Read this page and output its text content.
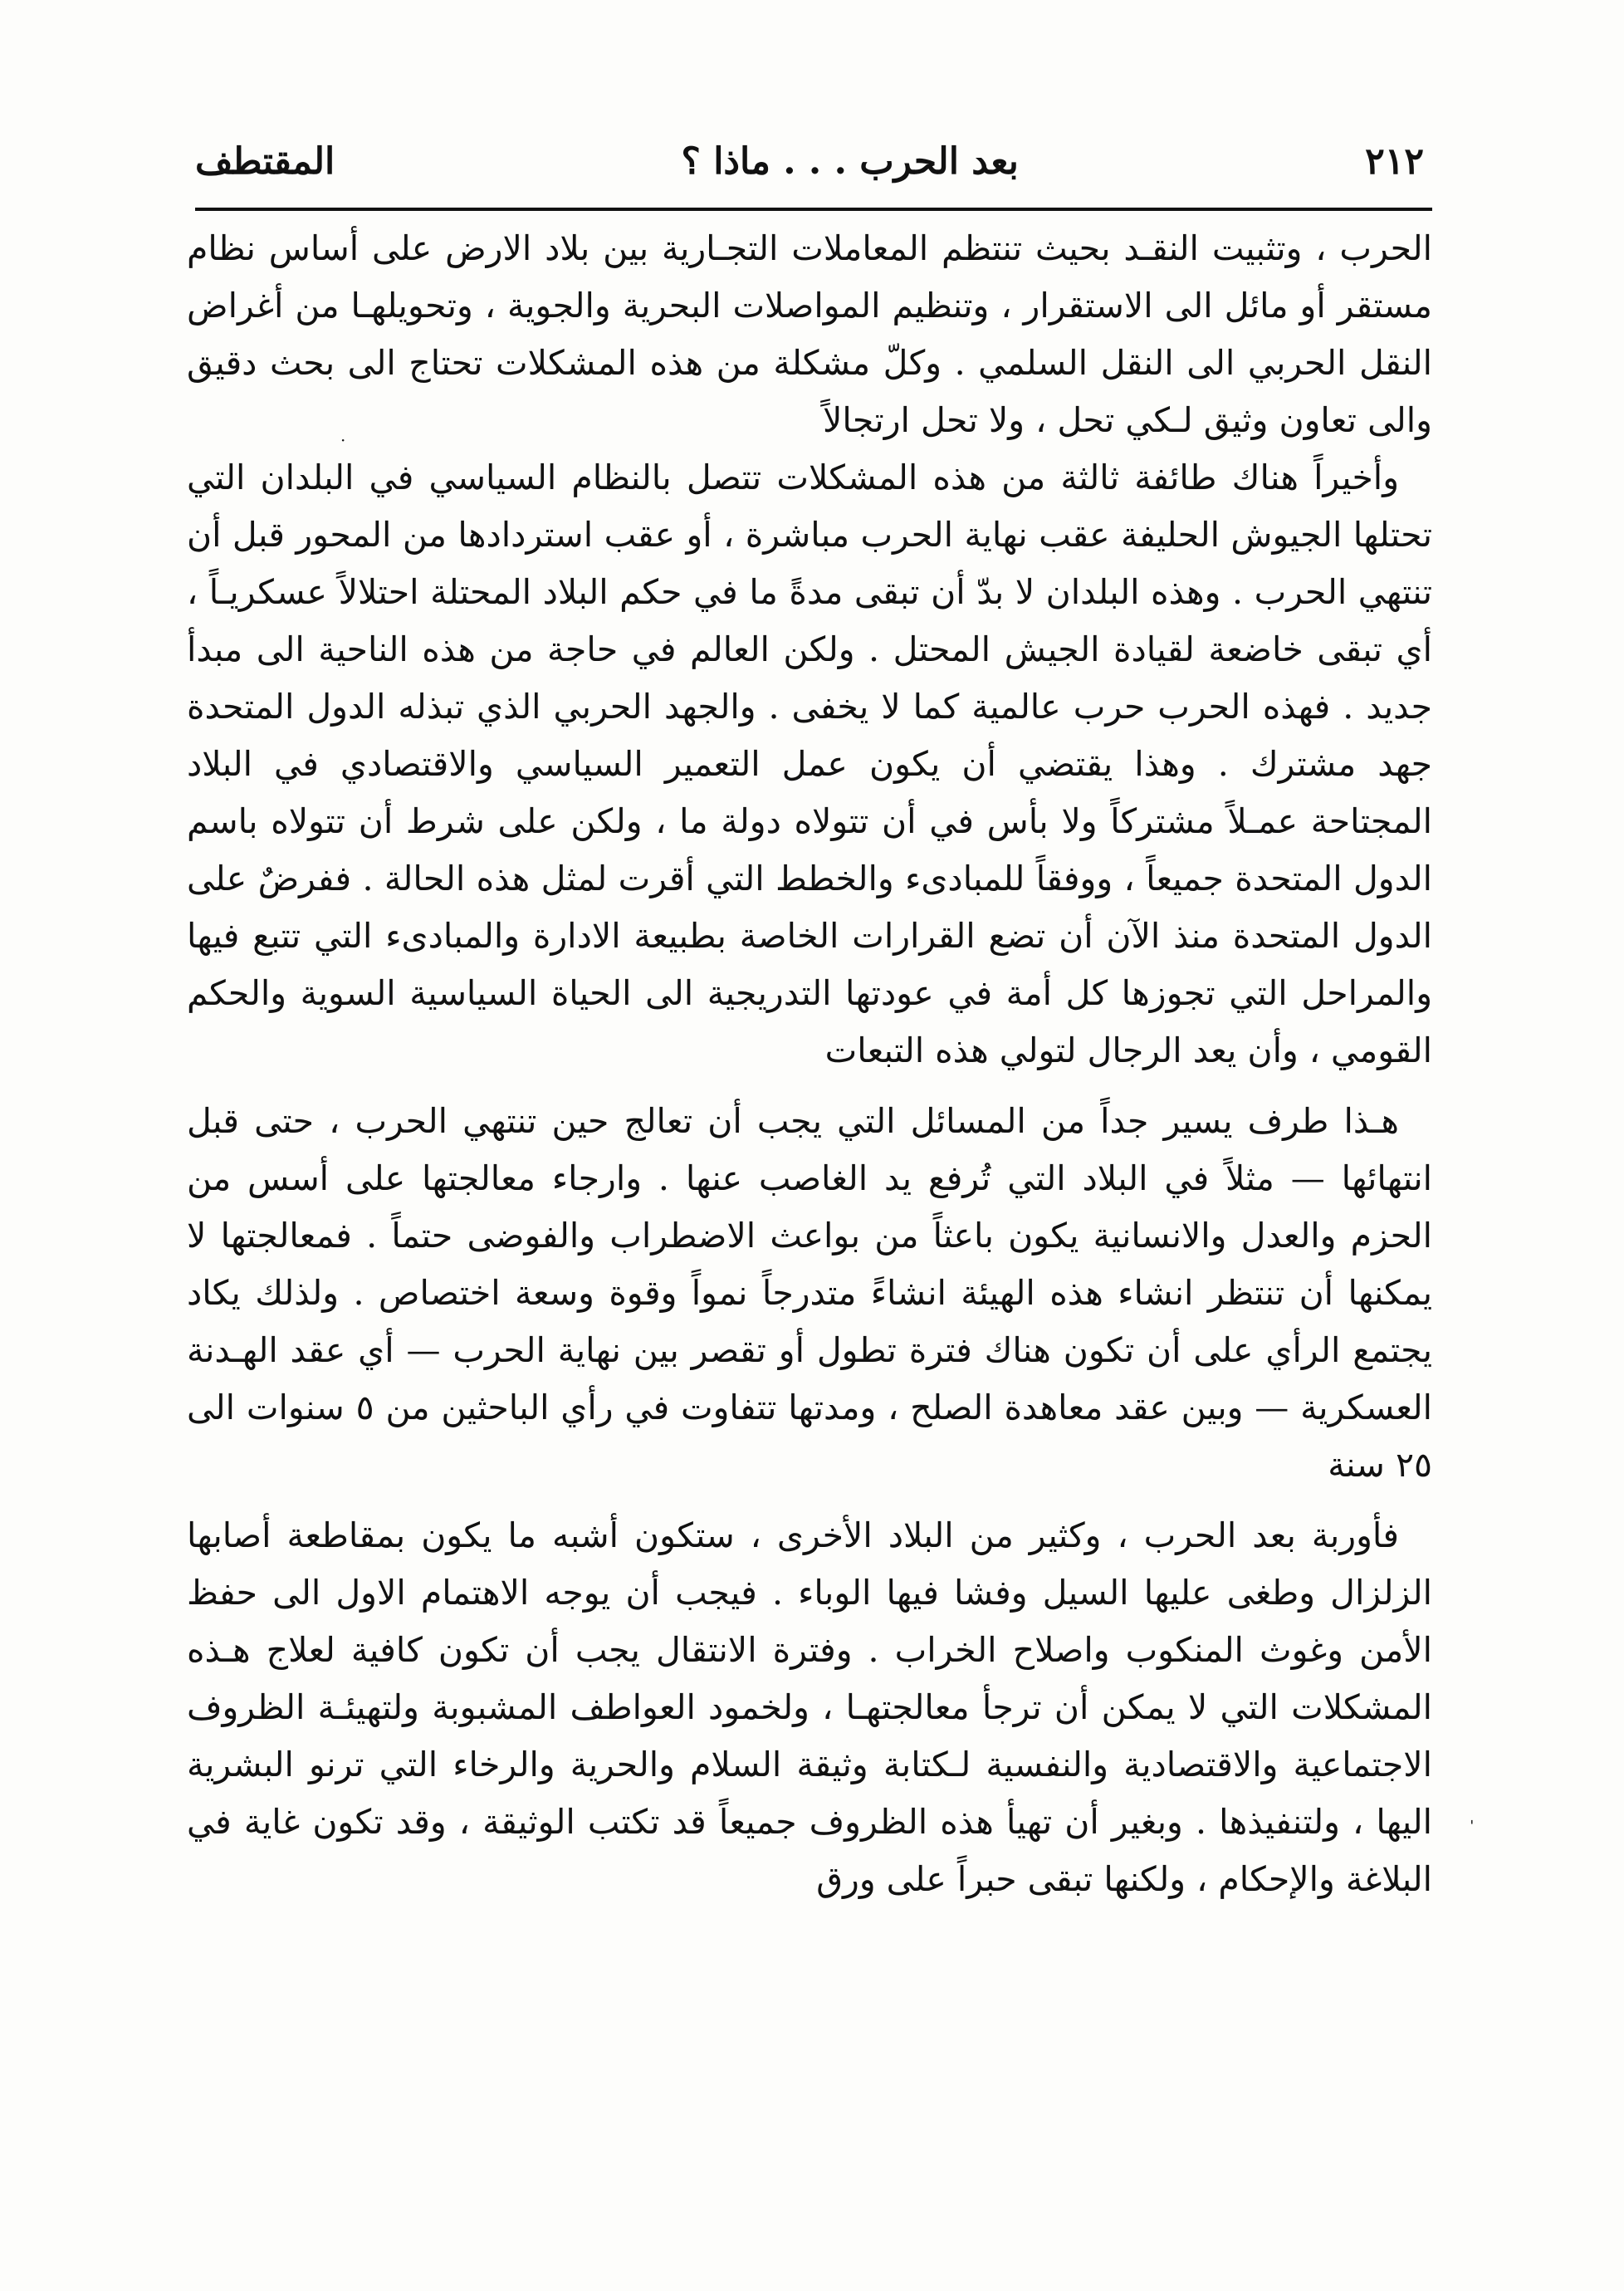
٢١٢
بعد الحرب . . . ماذا ؟
المقتطف

الحرب ، وتثبيت النقـد بحيث تنتظم المعاملات التجـارية بين بلاد الارض على أساس نظام مستقر أو مائل الى الاستقرار ، وتنظيم المواصلات البحرية والجوية ، وتحويلهـا من أغراض النقل الحربي الى النقل السلمي . وكلّ مشكلة من هذه المشكلات تحتاج الى بحث دقيق والى تعاون وثيق لـكي تحل ، ولا تحل ارتجالاً

وأخيراً هناك طائفة ثالثة من هذه المشكلات تتصل بالنظام السياسي في البلدان التي تحتلها الجيوش الحليفة عقب نهاية الحرب مباشرة ، أو عقب استردادها من المحور قبل أن تنتهي الحرب . وهذه البلدان لا بدّ أن تبقى مدةً ما في حكم البلاد المحتلة احتلالاً عسكريـاً ، أي تبقى خاضعة لقيادة الجيش المحتل . ولكن العالم في حاجة من هذه الناحية الى مبدأ جديد . فهذه الحرب حرب عالمية كما لا يخفى . والجهد الحربي الذي تبذله الدول المتحدة جهد مشترك . وهذا يقتضي أن يكون عمل التعمير السياسي والاقتصادي في البلاد المجتاحة عمـلاً مشتركاً ولا بأس في أن تتولاه دولة ما ، ولكن على شرط أن تتولاه باسم الدول المتحدة جميعاً ، ووفقاً للمبادىء والخطط التي أقرت لمثل هذه الحالة . ففرضٌ على الدول المتحدة منذ الآن أن تضع القرارات الخاصة بطبيعة الادارة والمبادىء التي تتبع فيها والمراحل التي تجوزها كل أمة في عودتها التدريجية الى الحياة السياسية السوية والحكم القومي ، وأن يعد الرجال لتولي هذه التبعات

هـذا طرف يسير جداً من المسائل التي يجب أن تعالج حين تنتهي الحرب ، حتى قبل انتهائها — مثلاً في البلاد التي تُرفع يد الغاصب عنها . وارجاء معالجتها على أسس من الحزم والعدل والانسانية يكون باعثاً من بواعث الاضطراب والفوضى حتماً . فمعالجتها لا يمكنها أن تنتظر انشاء هذه الهيئة انشاءً متدرجاً نمواً وقوة وسعة اختصاص . ولذلك يكاد يجتمع الرأي على أن تكون هناك فترة تطول أو تقصر بين نهاية الحرب — أي عقد الهـدنة العسكرية — وبين عقد معاهدة الصلح ، ومدتها تتفاوت في رأي الباحثين من ٥ سنوات الى ٢٥ سنة

فأوربة بعد الحرب ، وكثير من البلاد الأخرى ، ستكون أشبه ما يكون بمقاطعة أصابها الزلزال وطغى عليها السيل وفشا فيها الوباء . فيجب أن يوجه الاهتمام الاول الى حفظ الأمن وغوث المنكوب واصلاح الخراب . وفترة الانتقال يجب أن تكون كافية لعلاج هـذه المشكلات التي لا يمكن أن ترجأ معالجتهـا ، ولخمود العواطف المشبوبة ولتهيئـة الظروف الاجتماعية والاقتصادية والنفسية لـكتابة وثيقة السلام والحرية والرخاء التي ترنو البشرية اليها ، ولتنفيذها . وبغير أن تهيأ هذه الظروف جميعاً قد تكتب الوثيقة ، وقد تكون غاية في البلاغة والإحكام ، ولكنها تبقى حبراً على ورق

·
ˈ
